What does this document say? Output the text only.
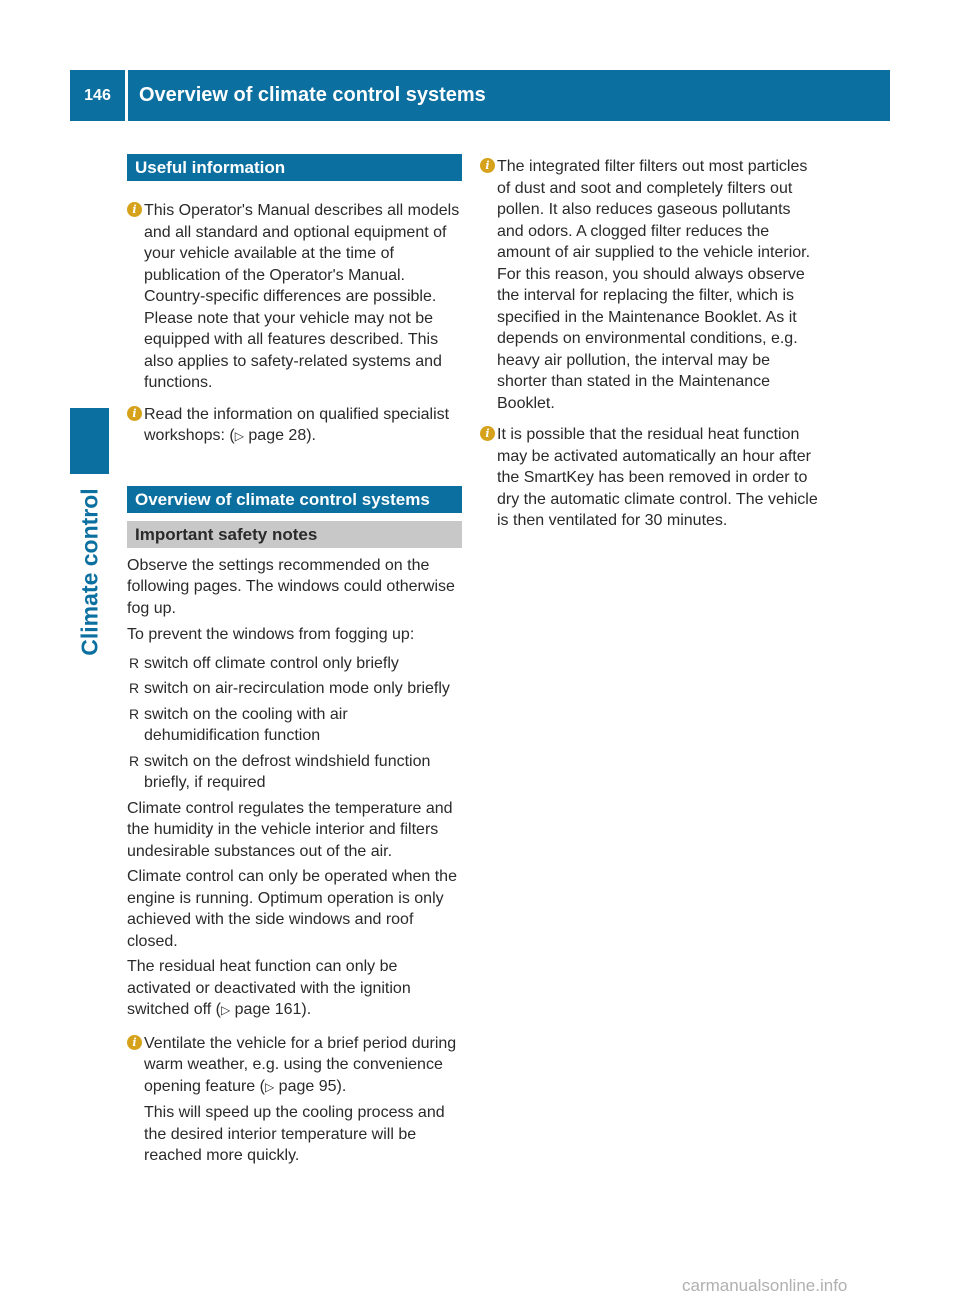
146	Overview of climate control systems
Climate control
Useful information
i This Operator's Manual describes all models and all standard and optional equipment of your vehicle available at the time of publication of the Operator's Manual. Country-specific differences are possible. Please note that your vehicle may not be equipped with all features described. This also applies to safety-related systems and functions.
i Read the information on qualified specialist workshops: (▷ page 28).
Overview of climate control systems
Important safety notes

Observe the settings recommended on the following pages. The windows could otherwise fog up.

To prevent the windows from fogging up:

R switch off climate control only briefly
R switch on air-recirculation mode only briefly
R switch on the cooling with air dehumidification function
R switch on the defrost windshield function briefly, if required

Climate control regulates the temperature and the humidity in the vehicle interior and filters undesirable substances out of the air.

Climate control can only be operated when the engine is running. Optimum operation is only achieved with the side windows and roof closed.

The residual heat function can only be activated or deactivated with the ignition switched off (▷ page 161).

i Ventilate the vehicle for a brief period during warm weather, e.g. using the convenience opening feature (▷ page 95).

This will speed up the cooling process and the desired interior temperature will be reached more quickly.

i The integrated filter filters out most particles of dust and soot and completely filters out pollen. It also reduces gaseous pollutants and odors. A clogged filter reduces the amount of air supplied to the vehicle interior. For this reason, you should always observe the interval for replacing the filter, which is specified in the Maintenance Booklet. As it depends on environmental conditions, e.g. heavy air pollution, the interval may be shorter than stated in the Maintenance Booklet.
i It is possible that the residual heat function may be activated automatically an hour after the SmartKey has been removed in order to dry the automatic climate control. The vehicle is then ventilated for 30 minutes.
carmanualsonline.info
